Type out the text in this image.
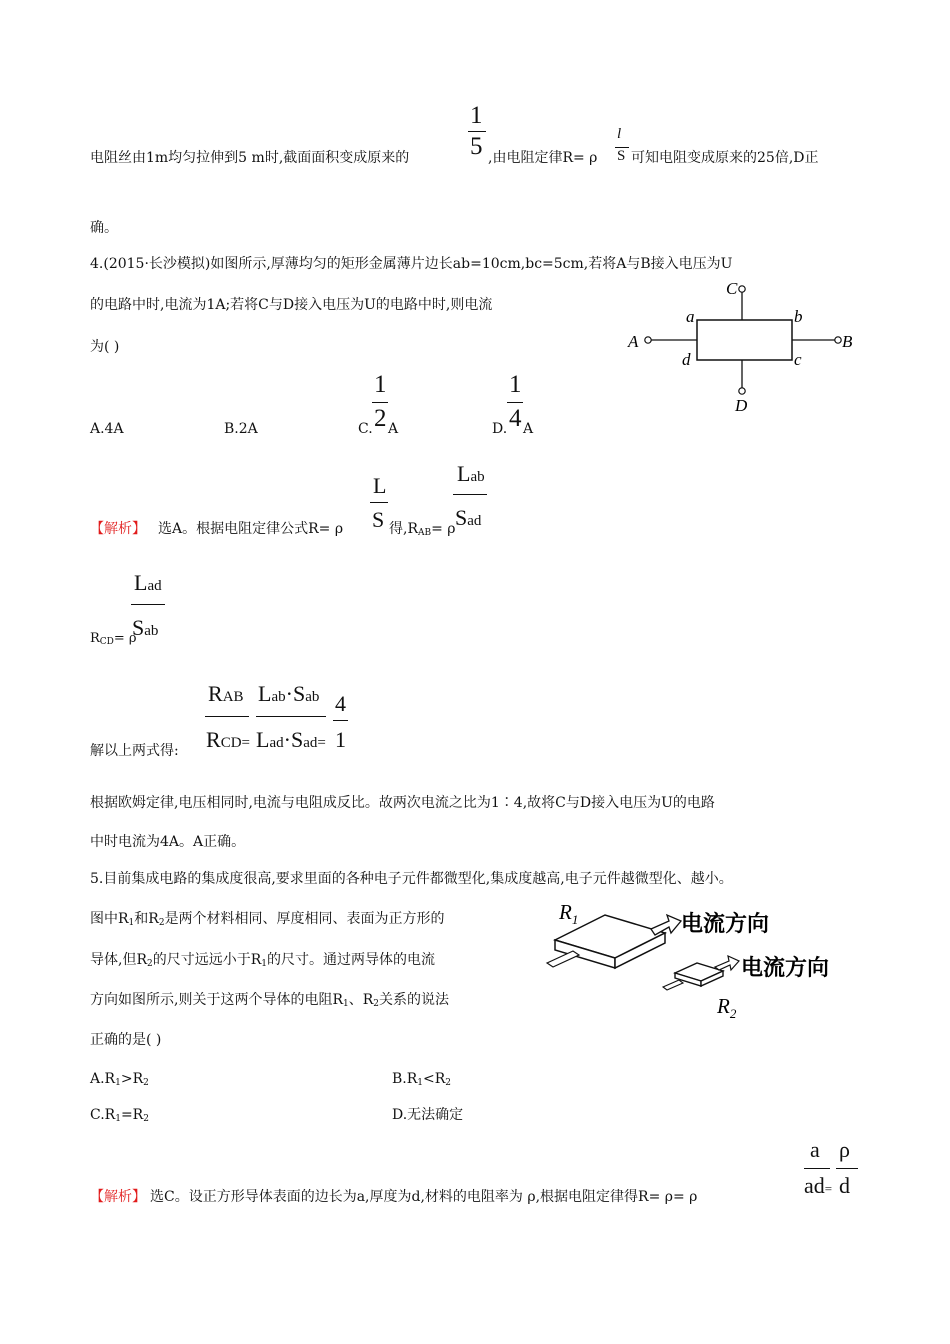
1
5	l
S
电阻丝由1m均匀拉伸到5 m时,截面面积变成原来的	,由电阻定律R= ρ 可知电阻变成原来的25倍,D正
确。
4.(2015·长沙模拟)如图所示,厚薄均匀的矩形金属薄片边长ab=10cm,bc=5cm,若将A与B接入电压为U
的电路中时,电流为1A;若将C与D接入电压为U的电路中时,则电流
为( )
a	b
c
d
A	B
C
D
A.4A	B.2A	C.
1
2 A	D.
1
4 A
【解析】 选A。根据电阻定律公式R= ρ
L
S 得,RAB= ρ
Lab
Sad
RCD= ρ
Lad
Sab
解以上两式得:
RAB
RCD=
Lab·Sab
Lad·Sad=
4
1
根据欧姆定律,电压相同时,电流与电阻成反比。故两次电流之比为1∶4,故将C与D接入电压为U的电路
中时电流为4A。A正确。
5.目前集成电路的集成度很高,要求里面的各种电子元件都微型化,集成度越高,电子元件越微型化、越小。
图中R1和R2是两个材料相同、厚度相同、表面为正方形的
导体,但R2的尺寸远远小于R1的尺寸。通过两导体的电流
方向如图所示,则关于这两个导体的电阻R1、R2关系的说法
正确的是( )
$R_1$
$R_2$
电流方向
电流方向
A.R1>R2	B.R1<R2
C.R1=R2	D.无法确定
【解析】 选C。设正方形导体表面的边长为a,厚度为d,材料的电阻率为 ρ,根据电阻定律得R= ρ= ρ
a
ad=
ρ
d
